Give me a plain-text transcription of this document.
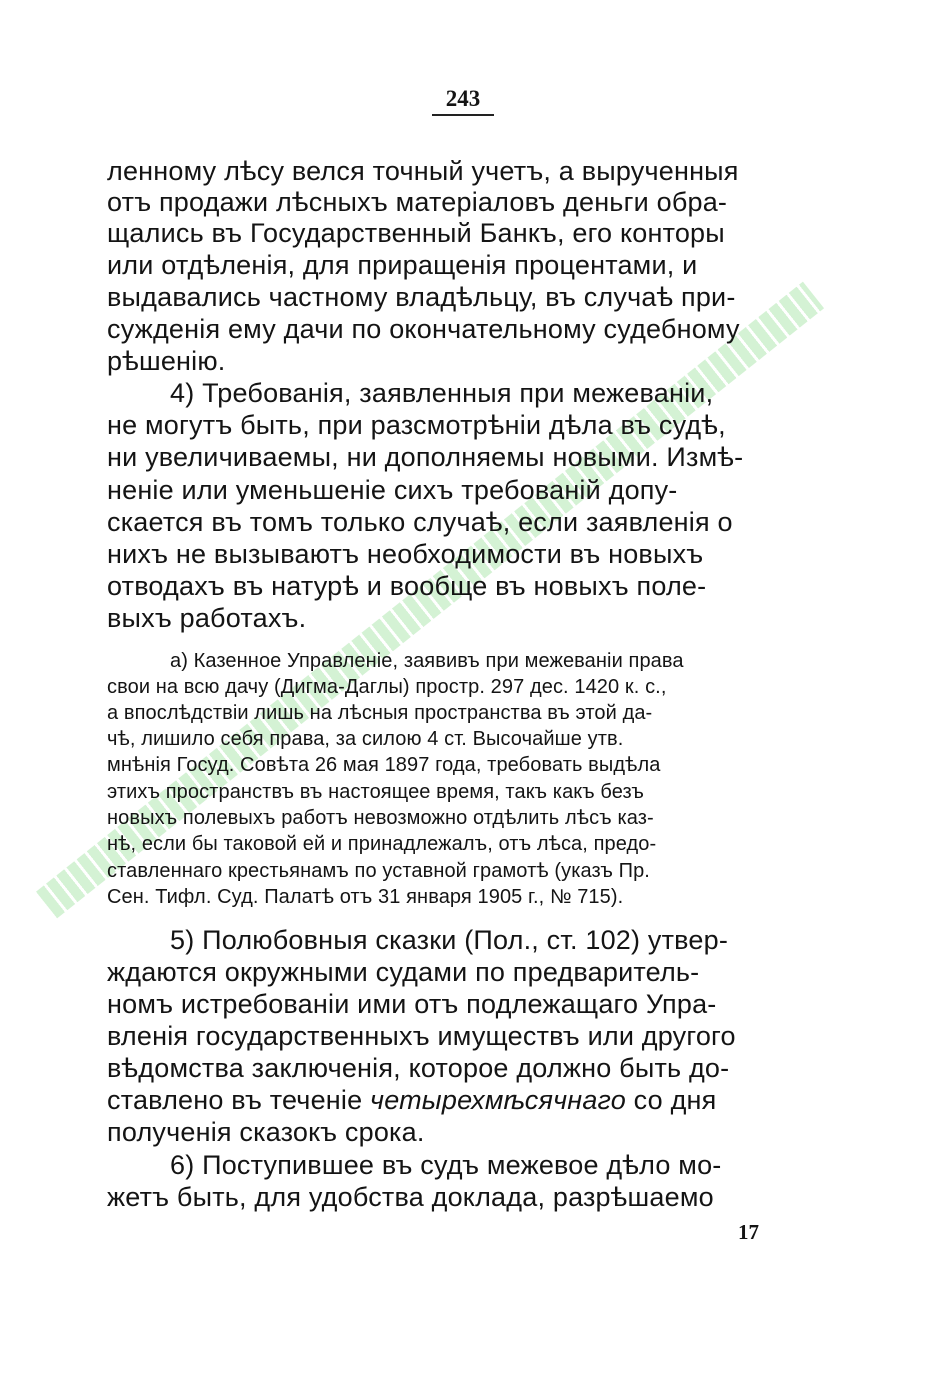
243
ленному лѣсу велся точный учетъ, а вырученныя
отъ продажи лѣсныхъ матеріаловъ деньги обра-
щались въ Государственный Банкъ, его конторы
или отдѣленія, для приращенія процентами, и
выдавались частному владѣльцу, въ случаѣ при-
сужденія ему дачи по окончательному судебному
рѣшенію.
4) Требованія, заявленныя при межеваніи,
не могутъ быть, при разсмотрѣніи дѣла въ судѣ,
ни увеличиваемы, ни дополняемы новыми. Измѣ-
неніе или уменьшеніе сихъ требованій допу-
скается въ томъ только случаѣ, если заявленія о
нихъ не вызываютъ необходимости въ новыхъ
отводахъ въ натурѣ и вообще въ новыхъ поле-
выхъ работахъ.
а) Казенное Управленіе, заявивъ при межеваніи права
свои на всю дачу (Дигма-Даглы) простр. 297 дес. 1420 к. с.,
а впослѣдствіи лишь на лѣсныя пространства въ этой да-
чѣ, лишило себя права, за силою 4 ст. Высочайше утв.
мнѣнія Госуд. Совѣта 26 мая 1897 года, требовать выдѣла
этихъ пространствъ въ настоящее время, такъ какъ безъ
новыхъ полевыхъ работъ невозможно отдѣлить лѣсъ каз-
нѣ, если бы таковой ей и принадлежалъ, отъ лѣса, предо-
ставленнаго крестьянамъ по уставной грамотѣ (указъ Пр.
Сен. Тифл. Суд. Палатѣ отъ 31 января 1905 г., № 715).
5) Полюбовныя сказки (Пол., ст. 102) утвер-
ждаются окружными судами по предваритель-
номъ истребованіи ими отъ подлежащаго Упра-
вленія государственныхъ имуществъ или другого
вѣдомства заключенія, которое должно быть до-
ставлено въ теченіе четырехмѣсячнаго со дня
полученія сказокъ срока.
6) Поступившее въ судъ межевое дѣло мо-
жетъ быть, для удобства доклада, разрѣшаемо
17
